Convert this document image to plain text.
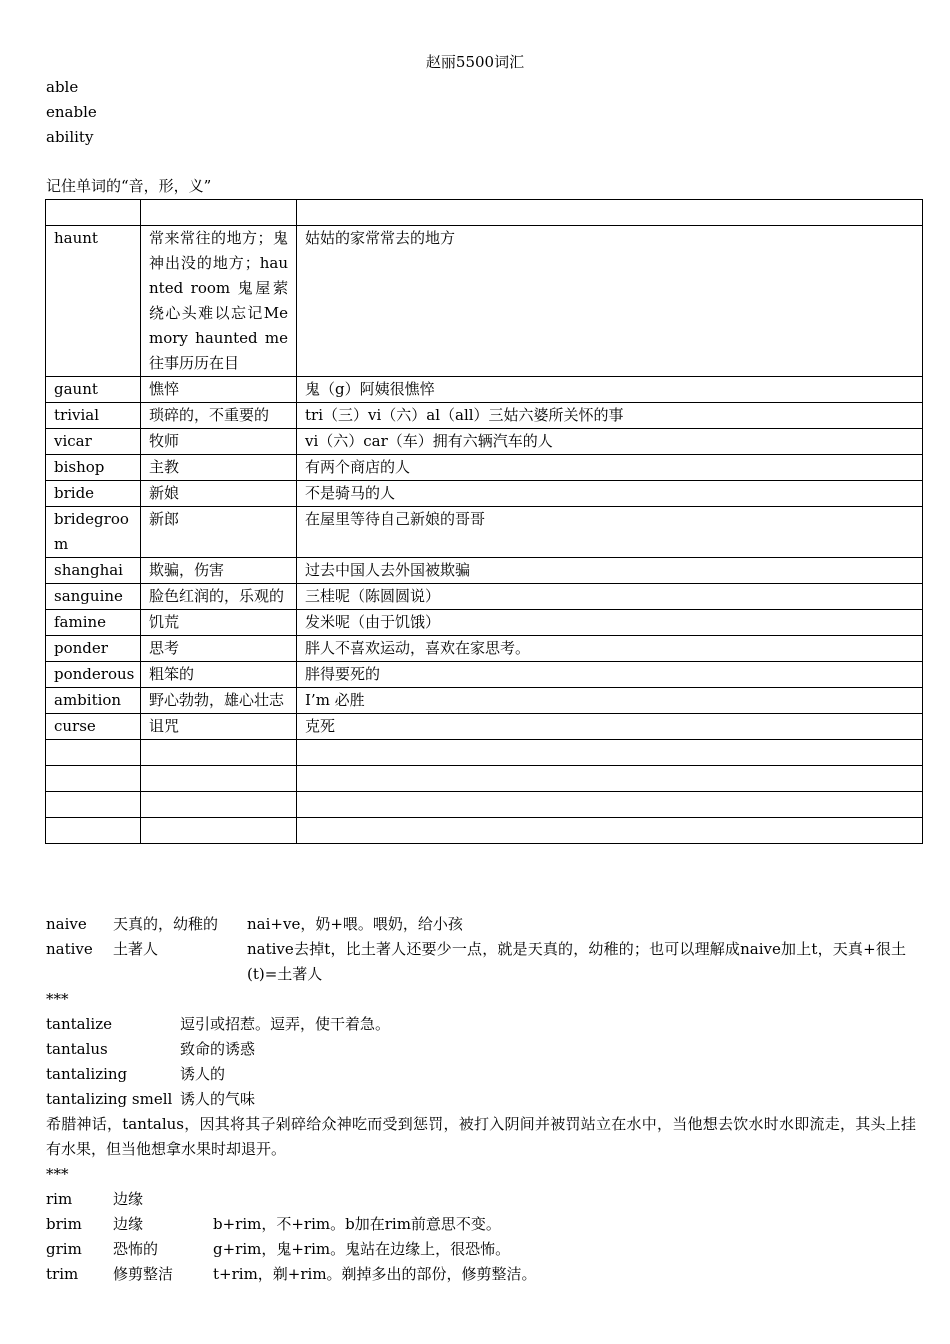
赵丽5500词汇
able
enable
ability
记住单词的“音，形，义”

haunt	常来常往的地方；鬼神出没的地方；haunted room 鬼屋萦绕心头难以忘记Memory haunted me往事历历在目	姑姑的家常常去的地方
gaunt	憔悴	鬼（g）阿姨很憔悴
trivial	琐碎的，不重要的	tri（三）vi（六）al（all）三姑六婆所关怀的事
vicar	牧师	vi（六）car（车）拥有六辆汽车的人
bishop	主教	有两个商店的人
bride	新娘	不是骑马的人
bridegroom	新郎	在屋里等待自己新娘的哥哥
shanghai	欺骗，伤害	过去中国人去外国被欺骗
sanguine	脸色红润的，乐观的	三桂呢（陈圆圆说）
famine	饥荒	发米呢（由于饥饿）
ponder	思考	胖人不喜欢运动，喜欢在家思考。
ponderous	粗笨的	胖得要死的
ambition	野心勃勃，雄心壮志	I’m 必胜
curse	诅咒	克死

naive 天真的，幼稚的 nai+ve，奶+喂。喂奶，给小孩
native 土著人	native去掉t，比土著人还要少一点，就是天真的，幼稚的；也可以理解成naive加上t，天真+很土(t)=土著人
***
tantalize	逗引或招惹。逗弄，使干着急。
tantalus	致命的诱惑
tantalizing	诱人的
tantalizing smell 诱人的气味
希腊神话，tantalus，因其将其子剁碎给众神吃而受到惩罚，被打入阴间并被罚站立在水中，当他想去饮水时水即流走，其头上挂有水果，但当他想拿水果时却退开。
***
rim	边缘
brim 边缘	b+rim，不+rim。b加在rim前意思不变。
grim 恐怖的	g+rim，鬼+rim。鬼站在边缘上，很恐怖。
trim 修剪整洁	t+rim，剃+rim。剃掉多出的部份，修剪整洁。
